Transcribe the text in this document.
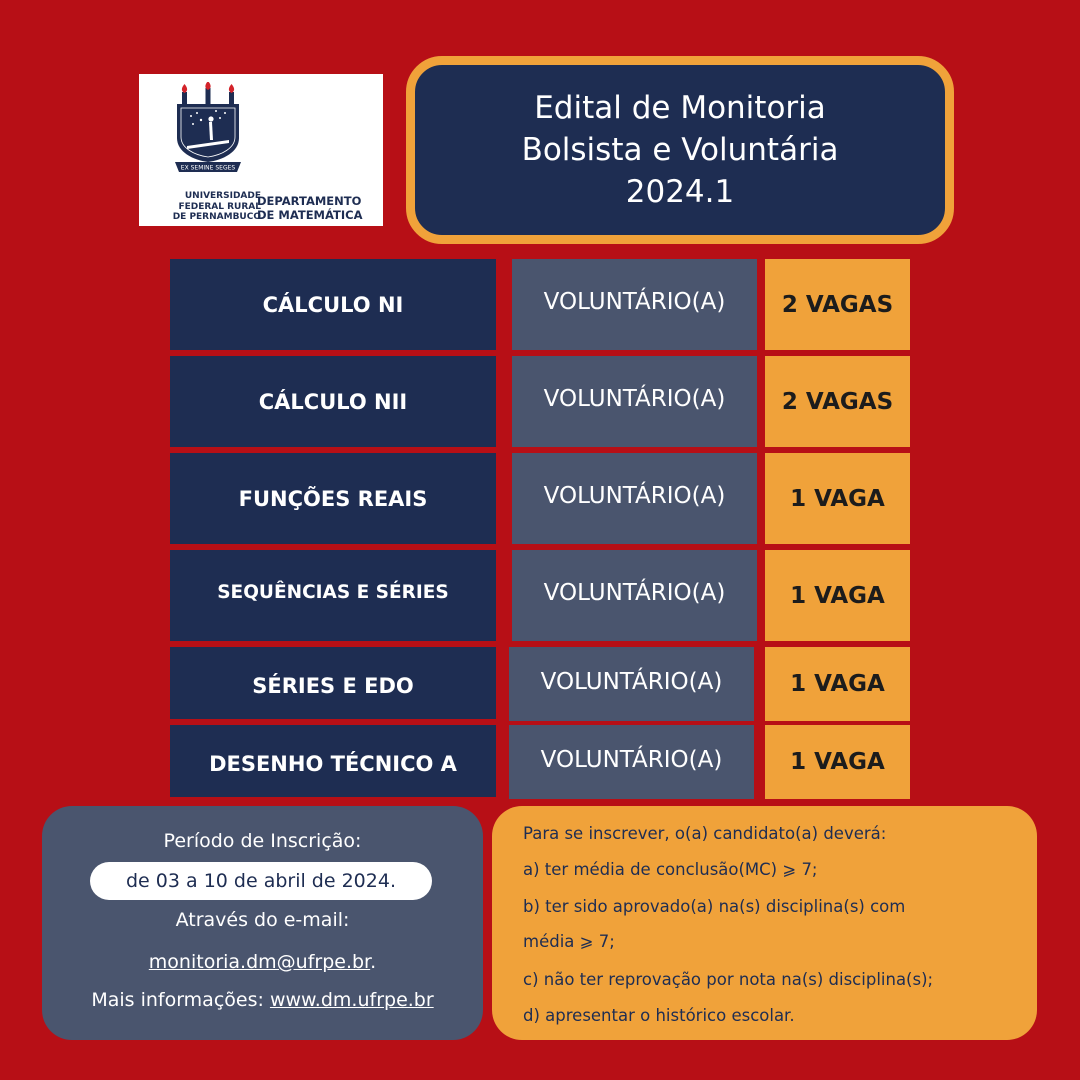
EX SEMINE SEGES
UNIVERSIDADE
FEDERAL RURAL
DE PERNAMBUCO
DEPARTAMENTO
DE MATEMÁTICA
Edital de Monitoria
Bolsista e Voluntária
2024.1
CÁLCULO NI	VOLUNTÁRIO(A)	2 VAGAS
CÁLCULO NII	VOLUNTÁRIO(A)	2 VAGAS
FUNÇÕES REAIS	VOLUNTÁRIO(A)	1 VAGA
SEQUÊNCIAS E SÉRIES	VOLUNTÁRIO(A)	1 VAGA
SÉRIES E EDO	VOLUNTÁRIO(A)	1 VAGA
DESENHO TÉCNICO A	VOLUNTÁRIO(A)	1 VAGA
Período de Inscrição:
de 03 a 10 de abril de 2024.
Através do e-mail:
monitoria.dm@ufrpe.br.
Mais informações: www.dm.ufrpe.br
Para se inscrever, o(a) candidato(a) deverá:
a) ter média de conclusão(MC) ⩾ 7;
b) ter sido aprovado(a) na(s) disciplina(s) com
média ⩾ 7;
c) não ter reprovação por nota na(s) disciplina(s);
d) apresentar o histórico escolar.
